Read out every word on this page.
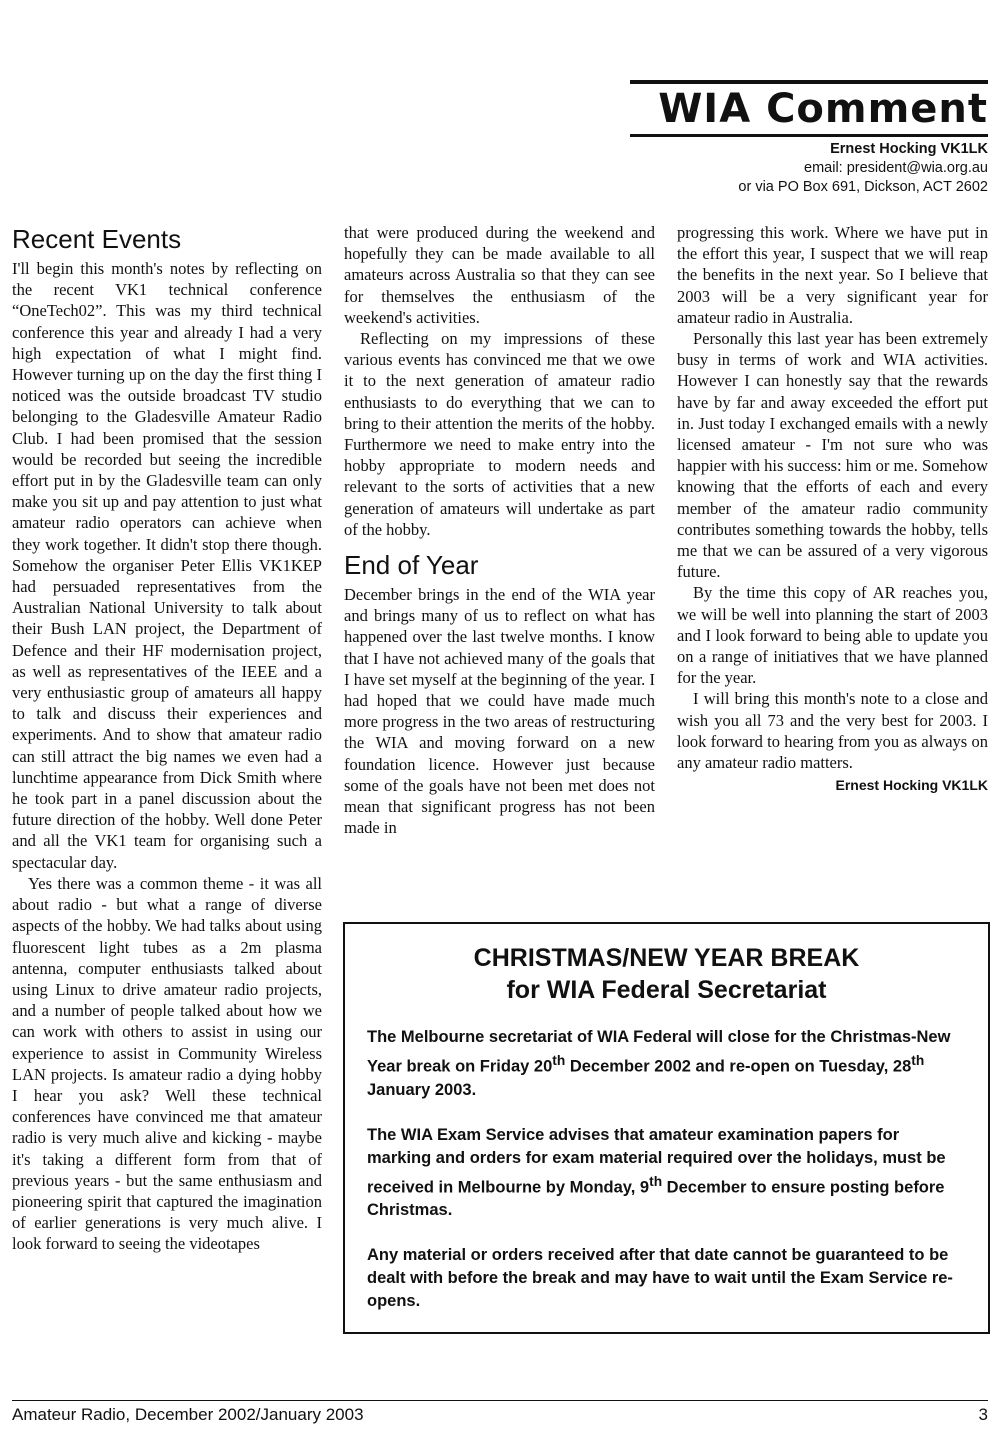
WIA Comment
Ernest Hocking VK1LK
email: president@wia.org.au
or via PO Box 691, Dickson, ACT 2602
Recent Events

I'll begin this month's notes by reflecting on the recent VK1 technical conference “OneTech02”. This was my third technical conference this year and already I had a very high expectation of what I might find. However turning up on the day the first thing I noticed was the outside broadcast TV studio belonging to the Gladesville Amateur Radio Club. I had been promised that the session would be recorded but seeing the incredible effort put in by the Gladesville team can only make you sit up and pay attention to just what amateur radio operators can achieve when they work together. It didn't stop there though. Somehow the organiser Peter Ellis VK1KEP had persuaded representatives from the Australian National University to talk about their Bush LAN project, the Department of Defence and their HF modernisation project, as well as representatives of the IEEE and a very enthusiastic group of amateurs all happy to talk and discuss their experiences and experiments. And to show that amateur radio can still attract the big names we even had a lunchtime appearance from Dick Smith where he took part in a panel discussion about the future direction of the hobby. Well done Peter and all the VK1 team for organising such a spectacular day.

Yes there was a common theme - it was all about radio - but what a range of diverse aspects of the hobby. We had talks about using fluorescent light tubes as a 2m plasma antenna, computer enthusiasts talked about using Linux to drive amateur radio projects, and a number of people talked about how we can work with others to assist in using our experience to assist in Community Wireless LAN projects. Is amateur radio a dying hobby I hear you ask? Well these technical conferences have convinced me that amateur radio is very much alive and kicking - maybe it's taking a different form from that of previous years - but the same enthusiasm and pioneering spirit that captured the imagination of earlier generations is very much alive. I look forward to seeing the videotapes

that were produced during the weekend and hopefully they can be made available to all amateurs across Australia so that they can see for themselves the enthusiasm of the weekend's activities.

Reflecting on my impressions of these various events has convinced me that we owe it to the next generation of amateur radio enthusiasts to do everything that we can to bring to their attention the merits of the hobby. Furthermore we need to make entry into the hobby appropriate to modern needs and relevant to the sorts of activities that a new generation of amateurs will undertake as part of the hobby.

End of Year

December brings in the end of the WIA year and brings many of us to reflect on what has happened over the last twelve months. I know that I have not achieved many of the goals that I have set myself at the beginning of the year. I had hoped that we could have made much more progress in the two areas of restructuring the WIA and moving forward on a new foundation licence. However just because some of the goals have not been met does not mean that significant progress has not been made in

progressing this work. Where we have put in the effort this year, I suspect that we will reap the benefits in the next year. So I believe that 2003 will be a very significant year for amateur radio in Australia.

Personally this last year has been extremely busy in terms of work and WIA activities. However I can honestly say that the rewards have by far and away exceeded the effort put in. Just today I exchanged emails with a newly licensed amateur - I'm not sure who was happier with his success: him or me. Somehow knowing that the efforts of each and every member of the amateur radio community contributes something towards the hobby, tells me that we can be assured of a very vigorous future.

By the time this copy of AR reaches you, we will be well into planning the start of 2003 and I look forward to being able to update you on a range of initiatives that we have planned for the year.

I will bring this month's note to a close and wish you all 73 and the very best for 2003. I look forward to hearing from you as always on any amateur radio matters.

Ernest Hocking VK1LK
CHRISTMAS/NEW YEAR BREAK
for WIA Federal Secretariat

The Melbourne secretariat of WIA Federal will close for the Christmas-New Year break on Friday 20th December 2002 and re-open on Tuesday, 28th January 2003.

The WIA Exam Service advises that amateur examination papers for marking and orders for exam material required over the holidays, must be received in Melbourne by Monday, 9th December to ensure posting before Christmas.

Any material or orders received after that date cannot be guaranteed to be dealt with before the break and may have to wait until the Exam Service re-opens.

Amateur Radio, December 2002/January 2003	3
